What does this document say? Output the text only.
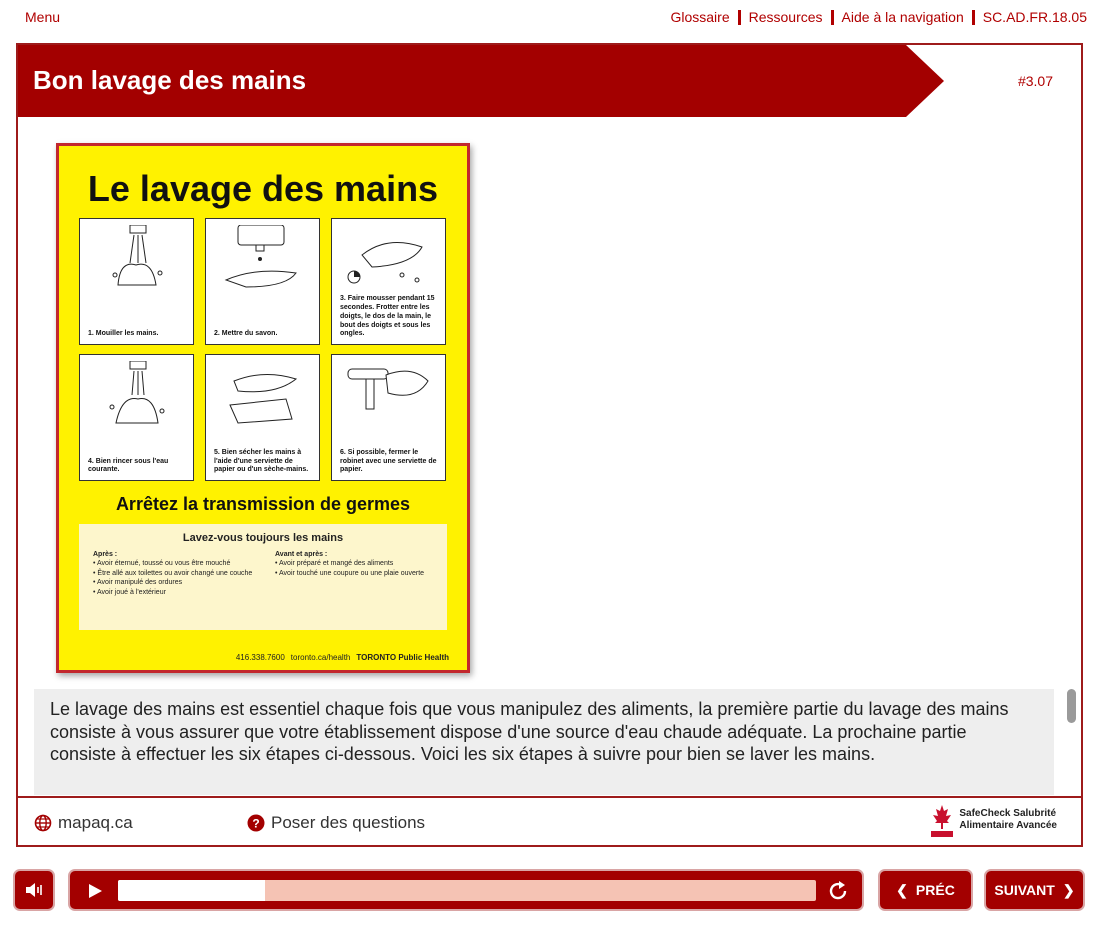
Menu	Glossaire Ressources Aide à la navigation SC.AD.FR.18.05
Bon lavage des mains	#3.07
Le lavage des mains
1. Mouiller les mains.	2. Mettre du savon.
3. Faire mousser pendant 15 secondes. Frotter entre les doigts, le dos de la main, le bout des doigts et sous les ongles.
4. Bien rincer sous l'eau courante.
5. Bien sécher les mains à l'aide d'une serviette de papier ou d'un sèche-mains.
6. Si possible, fermer le robinet avec une serviette de papier.
Arrêtez la transmission de germes
Lavez-vous toujours les mains
Après :
• Avoir éternué, toussé ou vous être mouché
• Être allé aux toilettes ou avoir changé une couche
• Avoir manipulé des ordures
• Avoir joué à l'extérieur
Avant et après :
• Avoir préparé et mangé des aliments
• Avoir touché une coupure ou une plaie ouverte
416.338.7600 toronto.ca/health TORONTO Public Health

Le lavage des mains est essentiel chaque fois que vous manipulez des aliments, la première partie du lavage des mains consiste à vous assurer que votre établissement dispose d'une source d'eau chaude adéquate. La prochaine partie consiste à effectuer les six étapes ci-dessous. Voici les six étapes à suivre pour bien se laver les mains.

mapaq.ca	? Poser des questions	SafeCheck Salubrité
Alimentaire Avancée
❮ PRÉC	SUIVANT ❯
